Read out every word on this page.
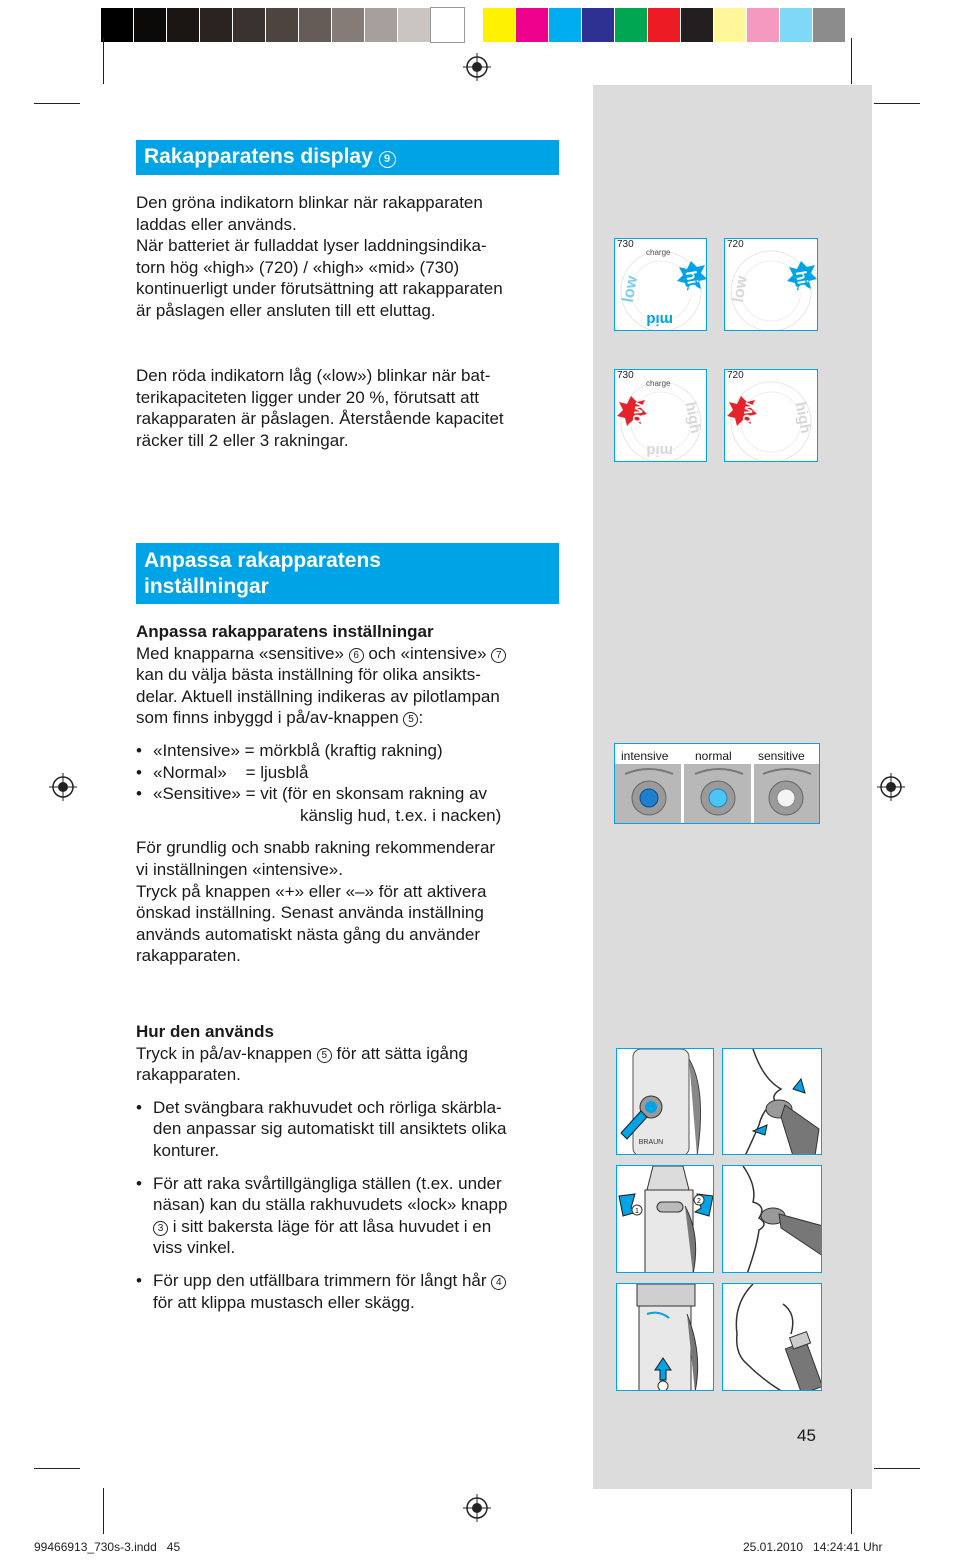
Rakapparatens display 9

Den gröna indikatorn blinkar när rakapparaten

laddas eller används.

När batteriet är fulladdat lyser laddningsindika-

torn hög «high» (720) / «high» «mid» (730)

kontinuerligt under förutsättning att rakapparaten

är påslagen eller ansluten till ett eluttag.

Den röda indikatorn låg («low») blinkar när bat-

terikapaciteten ligger under 20 %, förutsatt att

rakapparaten är påslagen. Återstående kapacitet

räcker till 2 eller 3 rakningar.

Anpassa rakapparatens
inställningar

Anpassa rakapparatens inställningar

Med knapparna «sensitive» 6 och «intensive» 7

kan du välja bästa inställning för olika ansikts-

delar. Aktuell inställning indikeras av pilotlampan

som finns inbyggd i på/av-knappen 5 :

• «Intensive» = mörkblå (kraftig rakning)

• «Normal»    = ljusblå

• «Sensitive» = vit (för en skonsam rakning av

känslig hud, t.ex. i nacken)

För grundlig och snabb rakning rekommenderar

vi inställningen «intensive».

Tryck på knappen «+» eller «–» för att aktivera

önskad inställning. Senast använda inställning

används automatiskt nästa gång du använder

rakapparaten.

Hur den används

Tryck in på/av-knappen 5 för att sätta igång

rakapparaten.

• Det svängbara rakhuvudet och rörliga skärbla-

den anpassar sig automatiskt till ansiktets olika

konturer.

• För att raka svårtillgängliga ställen (t.ex. under

näsan) kan du ställa rakhuvudets «lock» knapp

3 i sitt bakersta läge för att låsa huvudet i en

viss vinkel.

• För upp den utfällbara trimmern för långt hår 4

för att klippa mustasch eller skägg.

730
charge
low	high
mid
720
low	high
730
charge
low high
mid
720
low high
intensive normal sensitive
BRAUN
1
2
45
99466913_730s-3.indd   45	25.01.2010   14:24:41 Uhr
